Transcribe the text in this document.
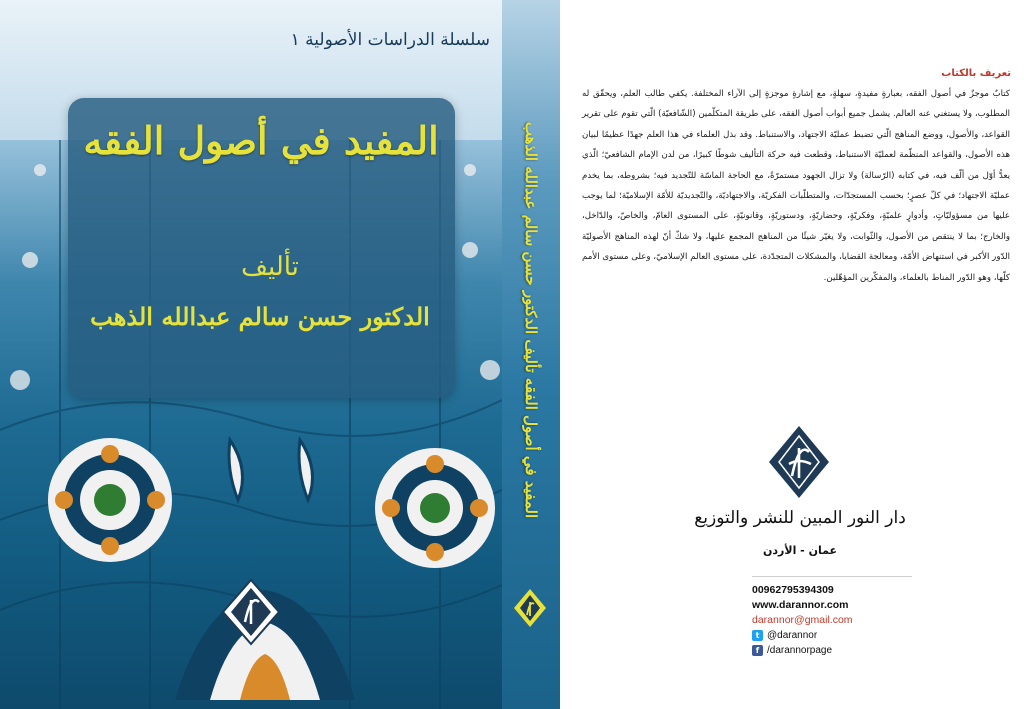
سلسلة الدراسات الأصولية ١
المفيد في أصول الفقه
تأليف
الدكتور حسن سالم عبدالله الذهب	المفيد في أصول الفقه تأليف الدكتور حسن سالم عبدالله الذهب
تعريف بالكتاب
كتابٌ موجزٌ في أصول الفقه، بعبارةٍ مفيدةٍ، سهلةٍ، مع إشارةٍ موجزةٍ إلى الآراء المختلفة. يكفي طالب العلم، ويحقّق له المطلوب، ولا يستغني عنه العالم. يشمل جميع أبواب أصول الفقه، على طريقة المتكلّمين (الشّافعيّة) الّتي تقوم على تقرير القواعد، والأصول، ووضع المناهج الّتي تضبط عمليّة الاجتهاد، والاستنباط. وقد بذل العلماء في هذا العلم جهدًا عظيمًا لبيان هذه الأصول، والقواعد المنظّمة لعمليّة الاستنباط، وقطعت فيه حركة التأليف شوطًا كبيرًا، من لدن الإمام الشافعيّ؛ الّذي يعدُّ أوّل من ألّف فيه، في كتابه (الرّسالة) ولا تزال الجهود مستمرّةً، مع الحاجة الماسّة للتّجديد فيه؛ بشروطه، بما يخدم عمليّة الاجتهاد؛ في كلّ عصرٍ؛ بحسب المستجدّات، والمتطلّبات الفكريّة، والاجتهاديّة، والتّجديديّة للأمّة الإسلاميّة؛ لما يوجب عليها من مسؤوليّاتٍ، وأدوارٍ علميّةٍ، وفكريّةٍ، وحضاريّةٍ، ودستوريّةٍ، وقانونيّةٍ، على المستوى العامّ، والخاصّ، والدّاخل، والخارج؛ بما لا ينتقص من الأصول، والثّوابت، ولا يغيّر شيئًا من المناهج المجمع عليها، ولا شكّ أنّ لهذه المناهج الأصوليّة الدّور الأكبر في استنهاض الأمّة، ومعالجة القضايا، والمشكلات المتجدّدة، على مستوى العالم الإسلاميّ، وعلى مستوى الأمم كلّها، وهو الدّور المناط بالعلماء، والمفكّرين المؤهّلين.
دار النور المبين للنشر والتوزيع
عمان - الأردن
00962795394309
www.darannor.com
darannor@gmail.com
t @darannor
f /darannorpage
